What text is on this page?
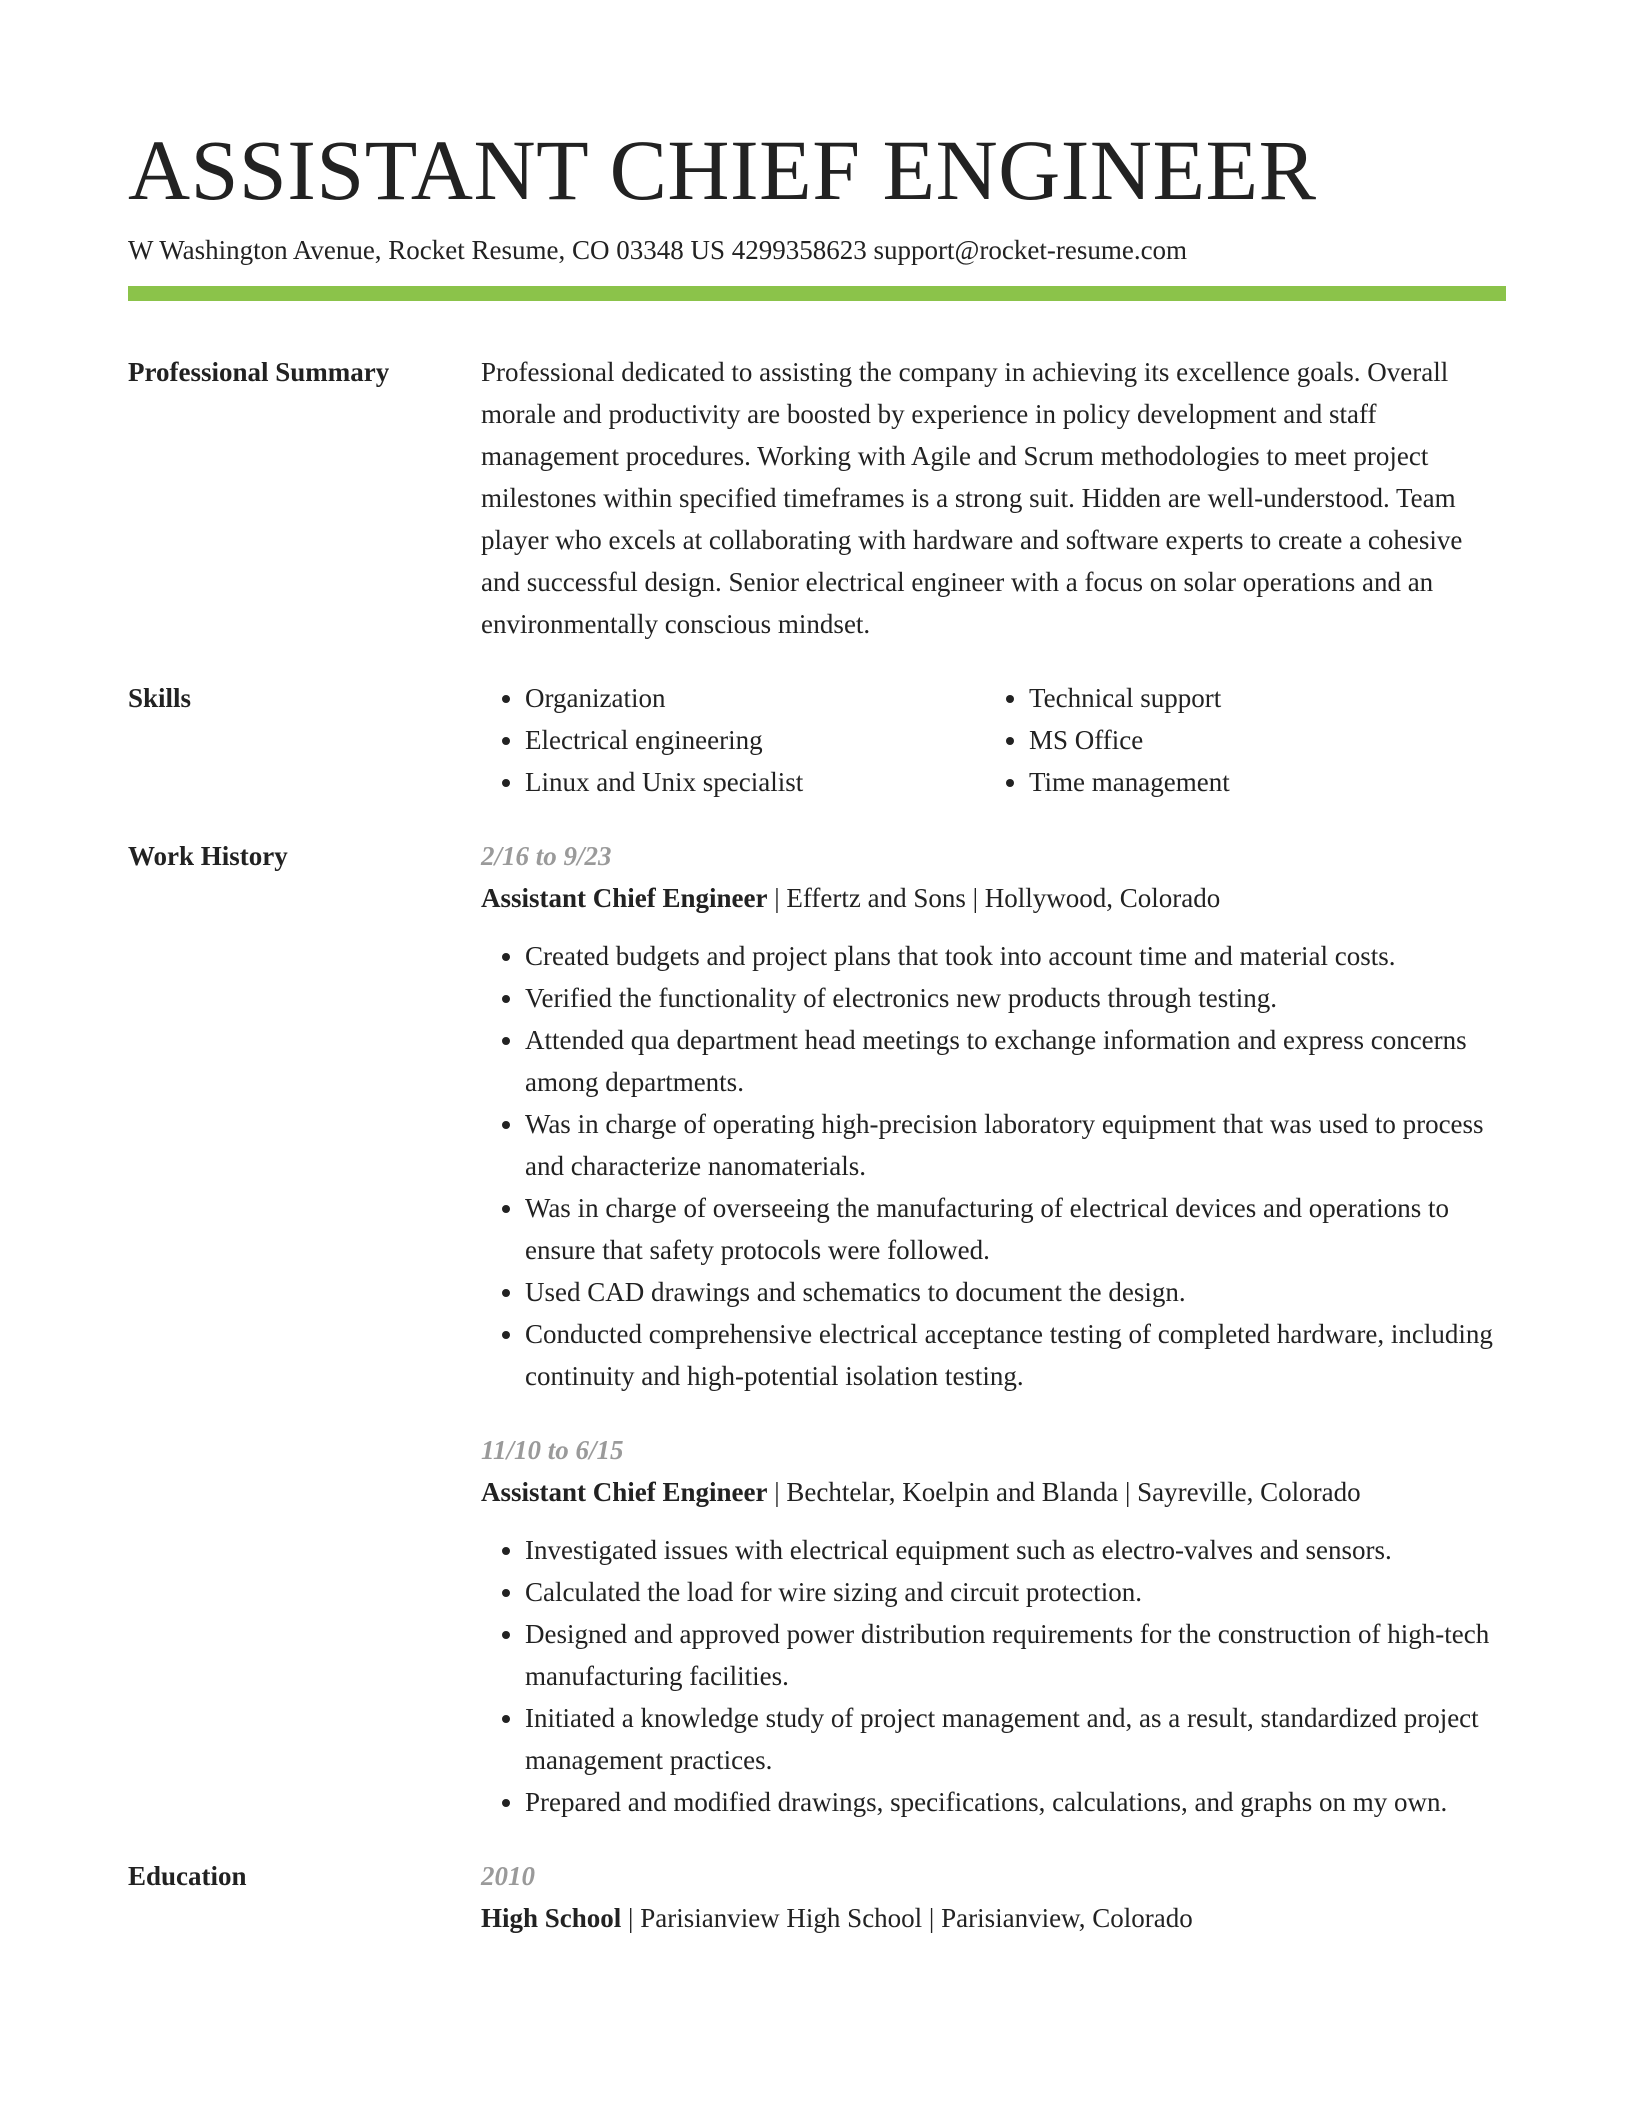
ASSISTANT CHIEF ENGINEER
W Washington Avenue, Rocket Resume, CO 03348 US 4299358623 support@rocket-resume.com
Professional Summary	Professional dedicated to assisting the company in achieving its excellence goals. Overall morale and productivity are boosted by experience in policy development and staff management procedures. Working with Agile and Scrum methodologies to meet project milestones within specified timeframes is a strong suit. Hidden are well-understood. Team player who excels at collaborating with hardware and software experts to create a cohesive and successful design. Senior electrical engineer with a focus on solar operations and an environmentally conscious mindset.
Skills
•	Organization
• Electrical engineering
• Linux and Unix specialist
• Technical support
• MS Office
• Time management
Work History	2/16 to 9/23
Assistant Chief Engineer | Effertz and Sons | Hollywood, Colorado
• Created budgets and project plans that took into account time and material costs.
• Verified the functionality of electronics new products through testing.
• Attended qua department head meetings to exchange information and express concerns among departments.
• Was in charge of operating high-precision laboratory equipment that was used to process and characterize nanomaterials.
• Was in charge of overseeing the manufacturing of electrical devices and operations to ensure that safety protocols were followed.
• Used CAD drawings and schematics to document the design.
• Conducted comprehensive electrical acceptance testing of completed hardware, including continuity and high-potential isolation testing.
11/10 to 6/15
Assistant Chief Engineer | Bechtelar, Koelpin and Blanda | Sayreville, Colorado
• Investigated issues with electrical equipment such as electro-valves and sensors.
• Calculated the load for wire sizing and circuit protection.
• Designed and approved power distribution requirements for the construction of high-tech manufacturing facilities.
• Initiated a knowledge study of project management and, as a result, standardized project management practices.
• Prepared and modified drawings, specifications, calculations, and graphs on my own.
Education	2010
High School | Parisianview High School | Parisianview, Colorado
